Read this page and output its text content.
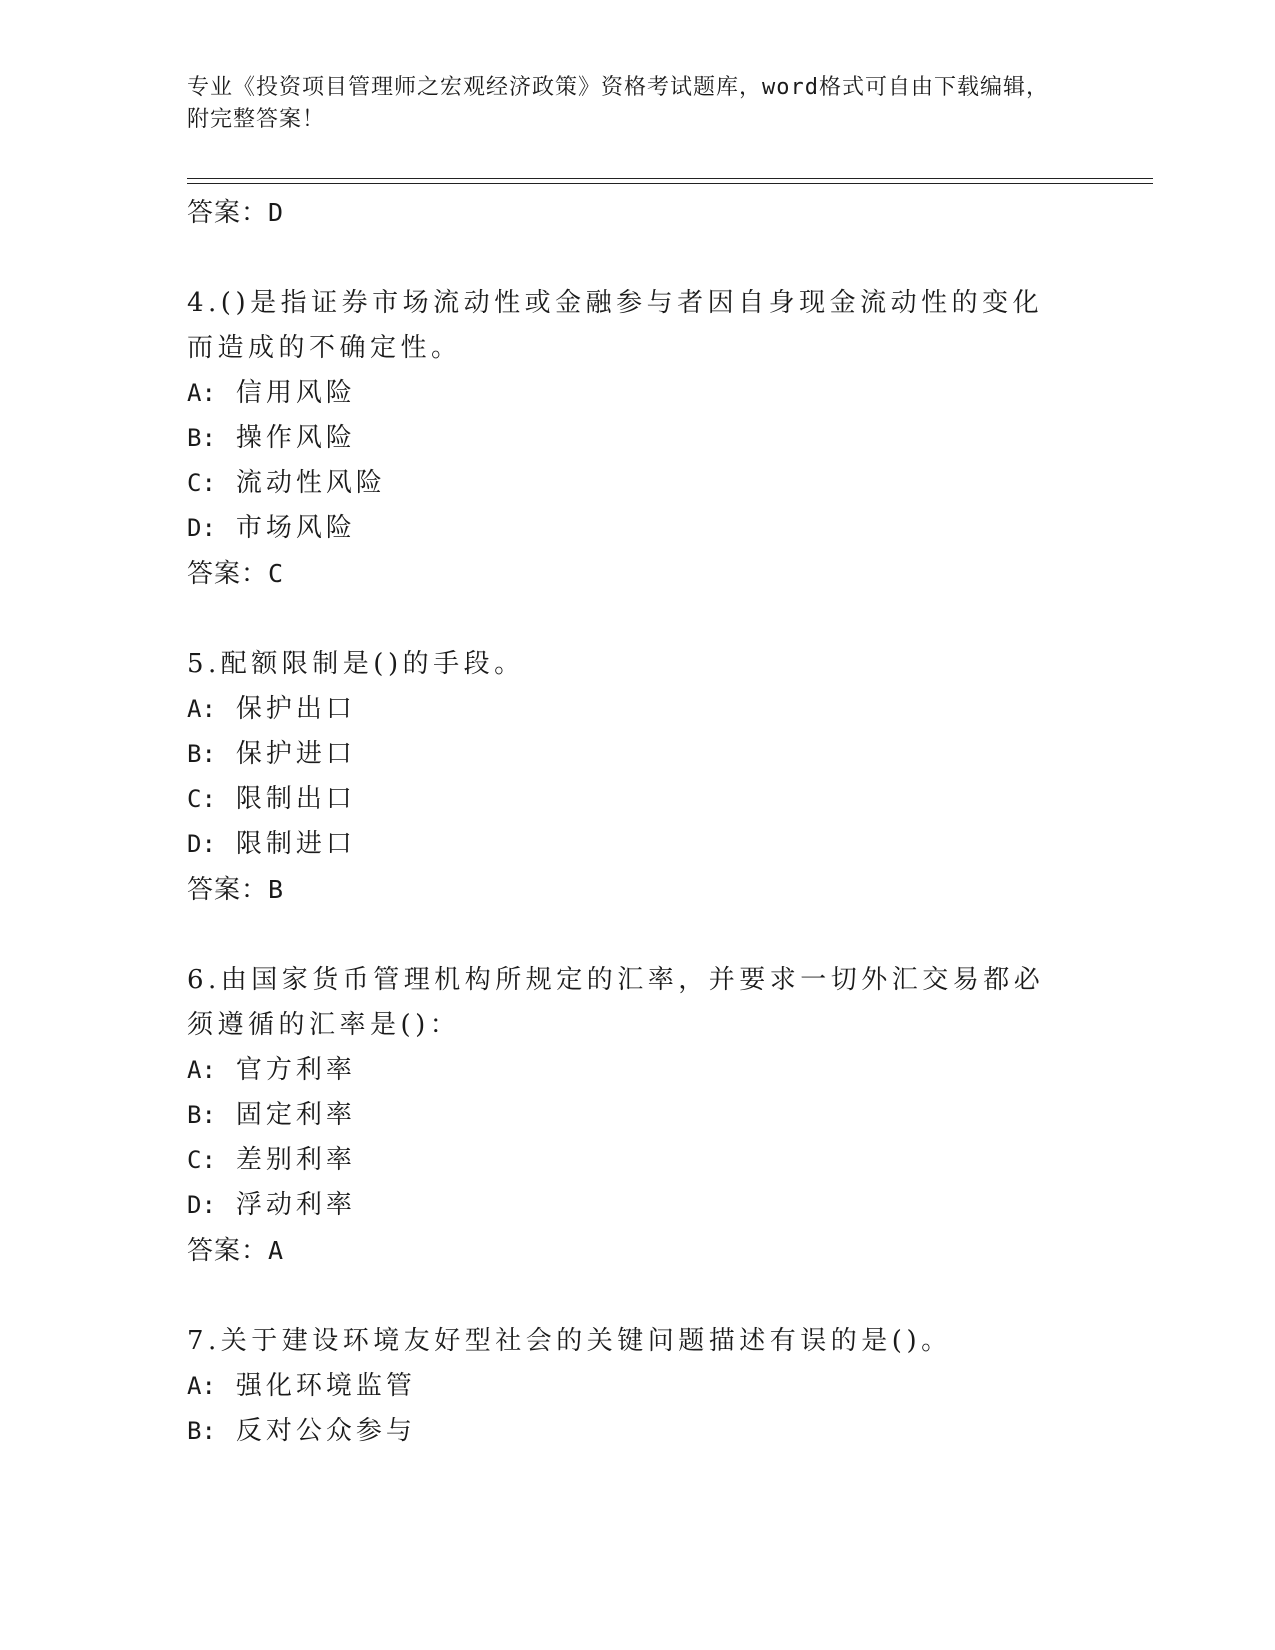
专业《投资项目管理师之宏观经济政策》资格考试题库，word格式可自由下载编辑，附完整答案！
答案：D
4.()是指证券市场流动性或金融参与者因自身现金流动性的变化而造成的不确定性。
A: 信用风险
B: 操作风险
C: 流动性风险
D: 市场风险
答案：C
5.配额限制是()的手段。
A: 保护出口
B: 保护进口
C: 限制出口
D: 限制进口
答案：B
6.由国家货币管理机构所规定的汇率，并要求一切外汇交易都必须遵循的汇率是()：
A: 官方利率
B: 固定利率
C: 差别利率
D: 浮动利率
答案：A
7.关于建设环境友好型社会的关键问题描述有误的是()。
A: 强化环境监管
B: 反对公众参与
